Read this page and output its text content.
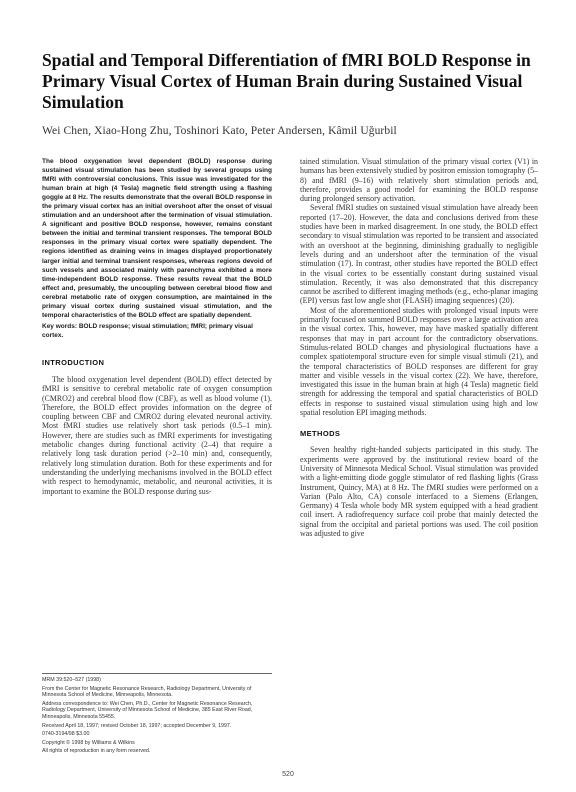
Spatial and Temporal Differentiation of fMRI BOLD Response in Primary Visual Cortex of Human Brain during Sustained Visual Simulation

Wei Chen, Xiao-Hong Zhu, Toshinori Kato, Peter Andersen, Kâmil Uğurbil

The blood oxygenation level dependent (BOLD) response during sustained visual stimulation has been studied by several groups using fMRI with controversial conclusions. This issue was investigated for the human brain at high (4 Tesla) magnetic field strength using a flashing goggle at 8 Hz. The results demonstrate that the overall BOLD response in the primary visual cortex has an initial overshoot after the onset of visual stimulation and an undershoot after the termination of visual stimulation. A significant and positive BOLD response, however, remains constant between the initial and terminal transient responses. The temporal BOLD responses in the primary visual cortex were spatially dependent. The regions identified as draining veins in images displayed proportionately larger initial and terminal transient responses, whereas regions devoid of such vessels and associated mainly with parenchyma exhibited a more time-independent BOLD response. These results reveal that the BOLD effect and, presumably, the uncoupling between cerebral blood flow and cerebral metabolic rate of oxygen consumption, are maintained in the primary visual cortex during sustained visual stimulation, and the temporal characteristics of the BOLD effect are spatially dependent.

Key words: BOLD response; visual stimulation; fMRI; primary visual cortex.

INTRODUCTION

The blood oxygenation level dependent (BOLD) effect detected by fMRI is sensitive to cerebral metabolic rate of oxygen consumption (CMRO2) and cerebral blood flow (CBF), as well as blood volume (1). Therefore, the BOLD effect provides information on the degree of coupling between CBF and CMRO2 during elevated neuronal activity. Most fMRI studies use relatively short task periods (0.5–1 min). However, there are studies such as fMRI experiments for investigating metabolic changes during functional activity (2–4) that require a relatively long task duration period (>2–10 min) and, consequently, relatively long stimulation duration. Both for these experiments and for understanding the underlying mechanisms involved in the BOLD effect with respect to hemodynamic, metabolic, and neuronal activities, it is important to examine the BOLD response during sus-

MRM 39:520–527 (1998)

From the Center for Magnetic Resonance Research, Radiology Department, University of Minnesota School of Medicine, Minneapolis, Minnesota.

Address correspondence to: Wei Chen, Ph.D., Center for Magnetic Resonance Research, Radiology Department, University of Minnesota School of Medicine, 385 East River Road, Minneapolis, Minnesota 55455.

Received April 18, 1997; revised October 18, 1997; accepted December 9, 1997.

0740-3194/98 $3.00

Copyright © 1998 by Williams & Wilkins

All rights of reproduction in any form reserved.

tained stimulation. Visual stimulation of the primary visual cortex (V1) in humans has been extensively studied by positron emission tomography (5–8) and fMRI (9–16) with relatively short stimulation periods and, therefore, provides a good model for examining the BOLD response during prolonged sensory activation.

Several fMRI studies on sustained visual stimulation have already been reported (17–20). However, the data and conclusions derived from these studies have been in marked disagreement. In one study, the BOLD effect secondary to visual stimulation was reported to be transient and associated with an overshoot at the beginning, diminishing gradually to negligible levels during and an undershoot after the termination of the visual stimulation (17). In contrast, other studies have reported the BOLD effect in the visual cortex to be essentially constant during sustained visual stimulation. Recently, it was also demonstrated that this discrepancy cannot be ascribed to different imaging methods (e.g., echo-planar imaging (EPI) versus fast low angle shot (FLASH) imaging sequences) (20).

Most of the aforementioned studies with prolonged visual inputs were primarily focused on summed BOLD responses over a large activation area in the visual cortex. This, however, may have masked spatially different responses that may in part account for the contradictory observations. Stimulus-related BOLD changes and physiological fluctuations have a complex spatiotemporal structure even for simple visual stimuli (21), and the temporal characteristics of BOLD responses are different for gray matter and visible vessels in the visual cortex (22). We have, therefore, investigated this issue in the human brain at high (4 Tesla) magnetic field strength for addressing the temporal and spatial characteristics of BOLD effects in response to sustained visual stimulation using high and low spatial resolution EPI imaging methods.

METHODS

Seven healthy right-handed subjects participated in this study. The experiments were approved by the institutional review board of the University of Minnesota Medical School. Visual stimulation was provided with a light-emitting diode goggle stimulator of red flashing lights (Grass Instrument, Quincy, MA) at 8 Hz. The fMRI studies were performed on a Varian (Palo Alto, CA) console interfaced to a Siemens (Erlangen, Germany) 4 Tesla whole body MR system equipped with a head gradient coil insert. A radiofrequency surface coil probe that mainly detected the signal from the occipital and parietal portions was used. The coil position was adjusted to give

520
